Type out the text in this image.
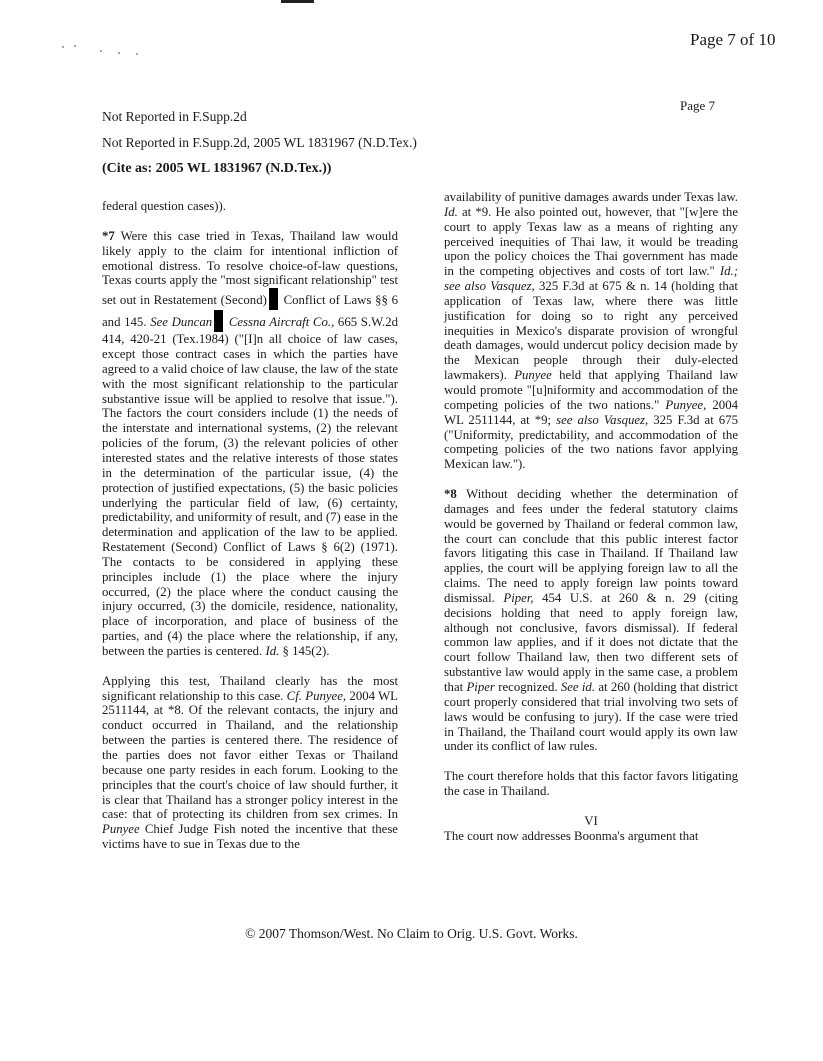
Page 7 of 10
Page 7
Not Reported in F.Supp.2d
Not Reported in F.Supp.2d, 2005 WL 1831967 (N.D.Tex.)
(Cite as: 2005 WL 1831967 (N.D.Tex.))

federal question cases)).

*7 Were this case tried in Texas, Thailand law would likely apply to the claim for intentional infliction of emotional distress. To resolve choice-of-law questions, Texas courts apply the "most significant relationship" test set out in Restatement (Second) Conflict of Laws §§ 6 and 145. See Duncan Cessna Aircraft Co., 665 S.W.2d 414, 420-21 (Tex.1984) ("[I]n all choice of law cases, except those contract cases in which the parties have agreed to a valid choice of law clause, the law of the state with the most significant relationship to the particular substantive issue will be applied to resolve that issue."). The factors the court considers include (1) the needs of the interstate and international systems, (2) the relevant policies of the forum, (3) the relevant policies of other interested states and the relative interests of those states in the determination of the particular issue, (4) the protection of justified expectations, (5) the basic policies underlying the particular field of law, (6) certainty, predictability, and uniformity of result, and (7) ease in the determination and application of the law to be applied. Restatement (Second) Conflict of Laws § 6(2) (1971). The contacts to be considered in applying these principles include (1) the place where the injury occurred, (2) the place where the conduct causing the injury occurred, (3) the domicile, residence, nationality, place of incorporation, and place of business of the parties, and (4) the place where the relationship, if any, between the parties is centered. Id. § 145(2).

Applying this test, Thailand clearly has the most significant relationship to this case. Cf. Punyee, 2004 WL 2511144, at *8. Of the relevant contacts, the injury and conduct occurred in Thailand, and the relationship between the parties is centered there. The residence of the parties does not favor either Texas or Thailand because one party resides in each forum. Looking to the principles that the court's choice of law should further, it is clear that Thailand has a stronger policy interest in the case: that of protecting its children from sex crimes. In Punyee Chief Judge Fish noted the incentive that these victims have to sue in Texas due to the

availability of punitive damages awards under Texas law. Id. at *9. He also pointed out, however, that "[w]ere the court to apply Texas law as a means of righting any perceived inequities of Thai law, it would be treading upon the policy choices the Thai government has made in the competing objectives and costs of tort law." Id.; see also Vasquez, 325 F.3d at 675 & n. 14 (holding that application of Texas law, where there was little justification for doing so to right any perceived inequities in Mexico's disparate provision of wrongful death damages, would undercut policy decision made by the Mexican people through their duly-elected lawmakers). Punyee held that applying Thailand law would promote "[u]niformity and accommodation of the competing policies of the two nations." Punyee, 2004 WL 2511144, at *9; see also Vasquez, 325 F.3d at 675 ("Uniformity, predictability, and accommodation of the competing policies of the two nations favor applying Mexican law.").

*8 Without deciding whether the determination of damages and fees under the federal statutory claims would be governed by Thailand or federal common law, the court can conclude that this public interest factor favors litigating this case in Thailand. If Thailand law applies, the court will be applying foreign law to all the claims. The need to apply foreign law points toward dismissal. Piper, 454 U.S. at 260 & n. 29 (citing decisions holding that need to apply foreign law, although not conclusive, favors dismissal). If federal common law applies, and if it does not dictate that the court follow Thailand law, then two different sets of substantive law would apply in the same case, a problem that Piper recognized. See id. at 260 (holding that district court properly considered that trial involving two sets of laws would be confusing to jury). If the case were tried in Thailand, the Thailand court would apply its own law under its conflict of law rules.

The court therefore holds that this factor favors litigating the case in Thailand.

VI

The court now addresses Boonma's argument that

© 2007 Thomson/West. No Claim to Orig. U.S. Govt. Works.
